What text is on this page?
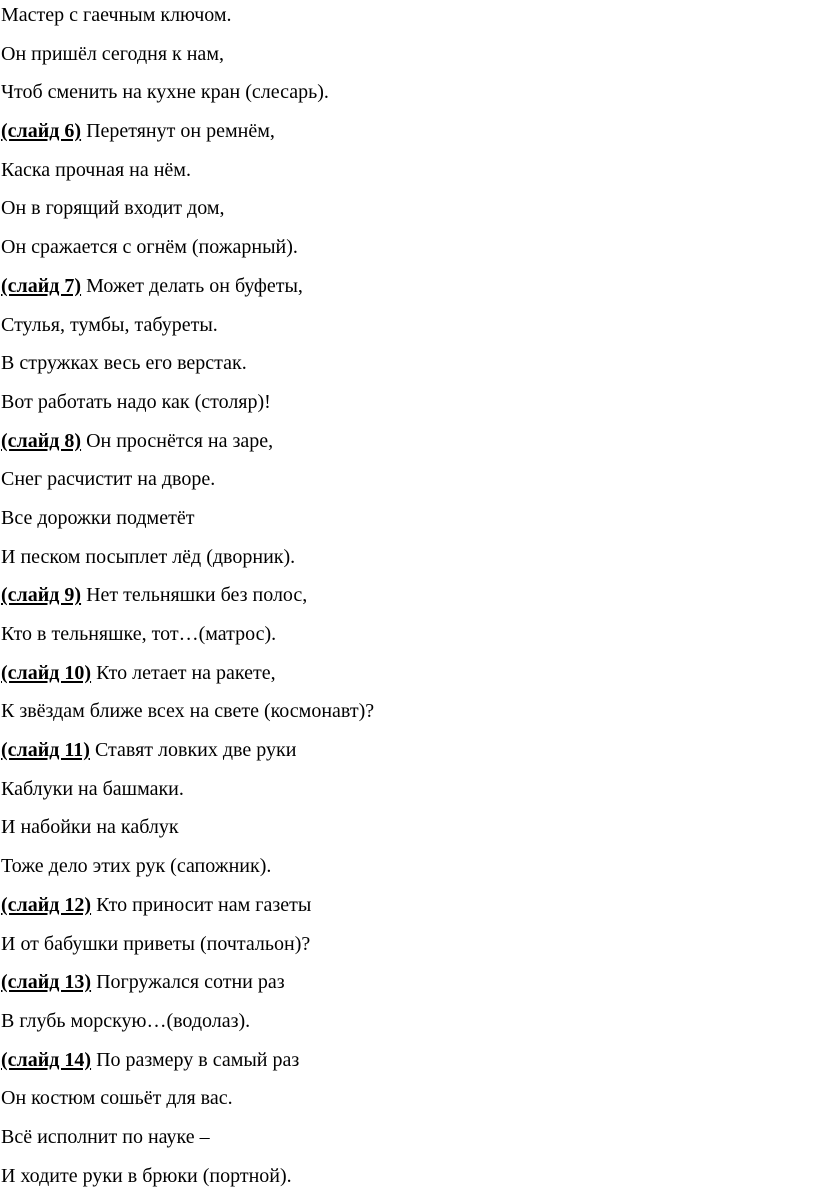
Мастер с гаечным ключом.
Он пришёл сегодня к нам,
Чтоб сменить на кухне кран (слесарь).
(слайд 6) Перетянут он ремнём,
Каска прочная на нём.
Он в горящий входит дом,
Он сражается с огнём (пожарный).
(слайд 7) Может делать он буфеты,
Стулья, тумбы, табуреты.
В стружках весь его верстак.
Вот работать надо как (столяр)!
(слайд 8) Он проснётся на заре,
Снег расчистит на дворе.
Все дорожки подметёт
И песком посыплет лёд (дворник).
(слайд 9) Нет тельняшки без полос,
Кто в тельняшке, тот…(матрос).
(слайд 10) Кто летает на ракете,
К звёздам ближе всех на свете (космонавт)?
(слайд 11) Ставят ловких две руки
Каблуки на башмаки.
И набойки на каблук
Тоже дело этих рук (сапожник).
(слайд 12) Кто приносит нам газеты
И от бабушки приветы (почтальон)?
(слайд 13) Погружался сотни раз
В глубь морскую…(водолаз).
(слайд 14) По размеру в самый раз
Он костюм сошьёт для вас.
Всё исполнит по науке –
И ходите руки в брюки (портной).
